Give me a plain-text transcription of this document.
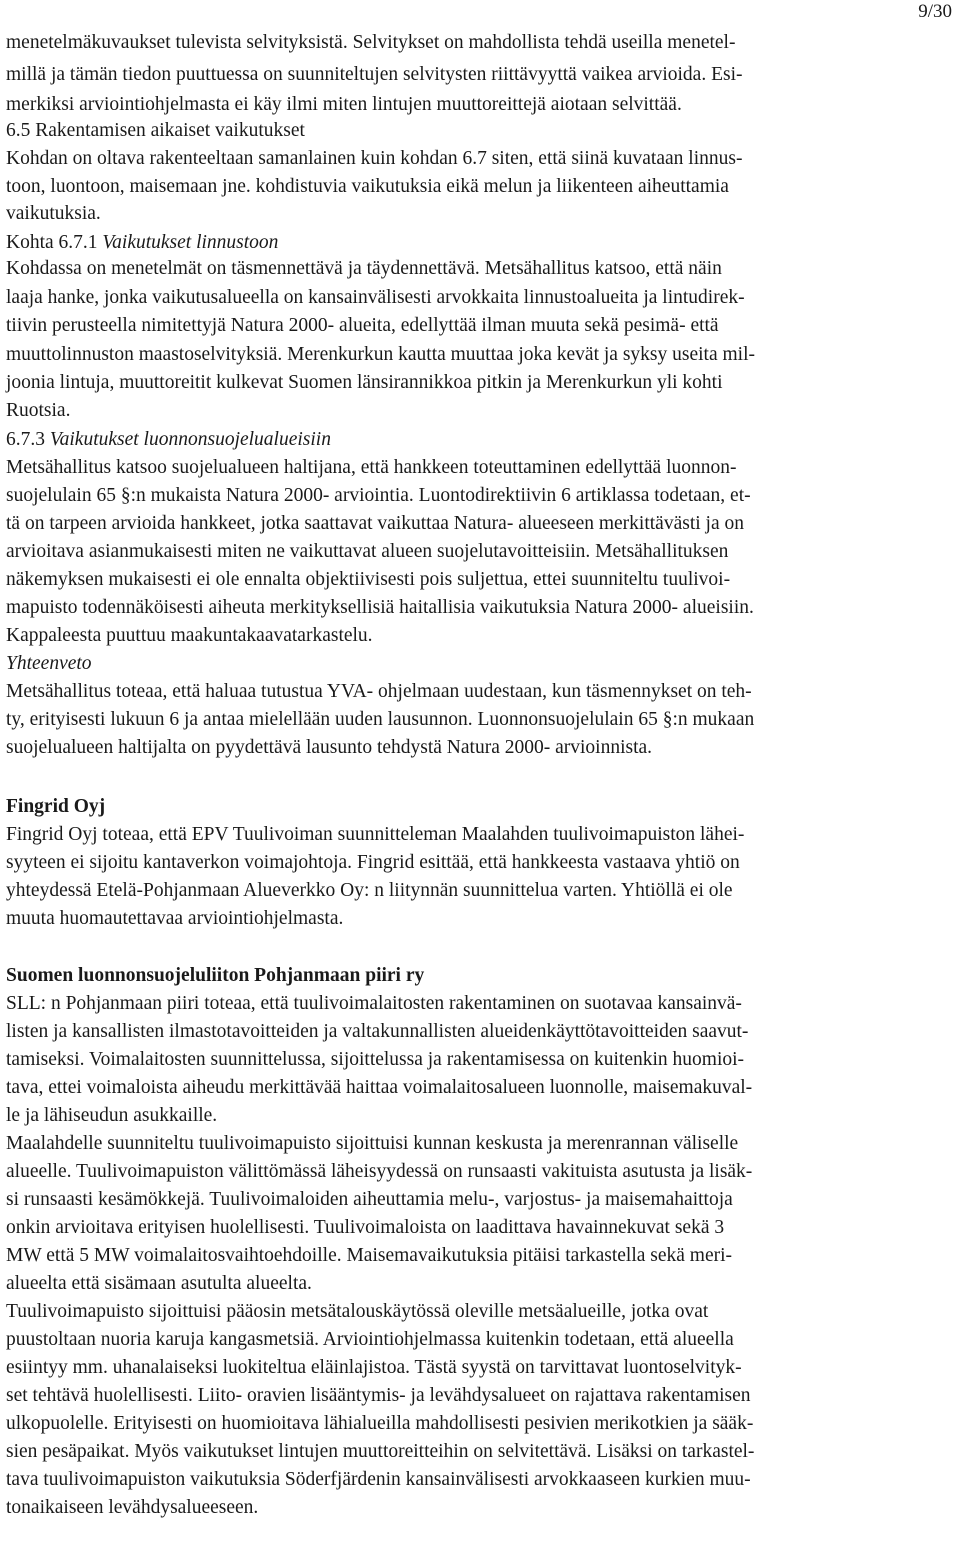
9/30
menetelmäkuvaukset tulevista selvityksistä. Selvitykset on mahdollista tehdä useilla menetel-
millä ja tämän tiedon puuttuessa on suunniteltujen selvitysten riittävyyttä vaikea arvioida. Esi-
merkiksi arviointiohjelmasta ei käy ilmi miten lintujen muuttoreittejä aiotaan selvittää.
6.5 Rakentamisen aikaiset vaikutukset
Kohdan on oltava rakenteeltaan samanlainen kuin kohdan 6.7 siten, että siinä kuvataan linnus-
toon, luontoon, maisemaan jne. kohdistuvia vaikutuksia eikä melun ja liikenteen aiheuttamia
vaikutuksia.
Kohta 6.7.1 Vaikutukset linnustoon
Kohdassa on menetelmät on täsmennettävä ja täydennettävä. Metsähallitus katsoo, että näin
laaja hanke, jonka vaikutusalueella on kansainvälisesti arvokkaita linnustoalueita ja lintudirek-
tiivin perusteella nimitettyjä Natura 2000- alueita, edellyttää ilman muuta sekä pesimä- että
muuttolinnuston maastoselvityksiä. Merenkurkun kautta muuttaa joka kevät ja syksy useita mil-
joonia lintuja, muuttoreitit kulkevat Suomen länsirannikkoa pitkin ja Merenkurkun yli kohti
Ruotsia.
6.7.3 Vaikutukset luonnonsuojelualueisiin
Metsähallitus katsoo suojelualueen haltijana, että hankkeen toteuttaminen edellyttää luonnon-
suojelulain 65 §:n mukaista Natura 2000- arviointia. Luontodirektiivin 6 artiklassa todetaan, et-
tä on tarpeen arvioida hankkeet, jotka saattavat vaikuttaa Natura- alueeseen merkittävästi ja on
arvioitava asianmukaisesti miten ne vaikuttavat alueen suojelutavoitteisiin. Metsähallituksen
näkemyksen mukaisesti ei ole ennalta objektiivisesti pois suljettua, ettei suunniteltu tuulivoi-
mapuisto todennäköisesti aiheuta merkityksellisiä haitallisia vaikutuksia Natura 2000- alueisiin.
Kappaleesta puuttuu maakuntakaavatarkastelu.
Yhteenveto
Metsähallitus toteaa, että haluaa tutustua YVA- ohjelmaan uudestaan, kun täsmennykset on teh-
ty, erityisesti lukuun 6 ja antaa mielellään uuden lausunnon. Luonnonsuojelulain 65 §:n mukaan
suojelualueen haltijalta on pyydettävä lausunto tehdystä Natura 2000- arvioinnista.
Fingrid Oyj
Fingrid Oyj toteaa, että EPV Tuulivoiman suunnitteleman Maalahden tuulivoimapuiston lähei-
syyteen ei sijoitu kantaverkon voimajohtoja. Fingrid esittää, että hankkeesta vastaava yhtiö on
yhteydessä Etelä-Pohjanmaan Alueverkko Oy: n liitynnän suunnittelua varten. Yhtiöllä ei ole
muuta huomautettavaa arviointiohjelmasta.
Suomen luonnonsuojeluliiton Pohjanmaan piiri ry
SLL: n Pohjanmaan piiri toteaa, että tuulivoimalaitosten rakentaminen on suotavaa kansainvä-
listen ja kansallisten ilmastotavoitteiden ja valtakunnallisten alueidenkäyttötavoitteiden saavut-
tamiseksi. Voimalaitosten suunnittelussa, sijoittelussa ja rakentamisessa on kuitenkin huomioi-
tava, ettei voimaloista aiheudu merkittävää haittaa voimalaitosalueen luonnolle, maisemakuval-
le ja lähiseudun asukkaille.
Maalahdelle suunniteltu tuulivoimapuisto sijoittuisi kunnan keskusta ja merenrannan väliselle
alueelle. Tuulivoimapuiston välittömässä läheisyydessä on runsaasti vakituista asutusta ja lisäk-
si runsaasti kesämökkejä. Tuulivoimaloiden aiheuttamia melu-, varjostus- ja maisemahaittoja
onkin arvioitava erityisen huolellisesti. Tuulivoimaloista on laadittava havainnekuvat sekä 3
MW että 5 MW voimalaitosvaihtoehdoille. Maisemavaikutuksia pitäisi tarkastella sekä meri-
alueelta että sisämaan asutulta alueelta.
Tuulivoimapuisto sijoittuisi pääosin metsätalouskäytössä oleville metsäalueille, jotka ovat
puustoltaan nuoria karuja kangasmetsiä. Arviointiohjelmassa kuitenkin todetaan, että alueella
esiintyy mm. uhanalaiseksi luokiteltua eläinlajistoa. Tästä syystä on tarvittavat luontoselvityk-
set tehtävä huolellisesti. Liito- oravien lisääntymis- ja levähdysalueet on rajattava rakentamisen
ulkopuolelle. Erityisesti on huomioitava lähialueilla mahdollisesti pesivien merikotkien ja sääk-
sien pesäpaikat. Myös vaikutukset lintujen muuttoreitteihin on selvitettävä. Lisäksi on tarkastel-
tava tuulivoimapuiston vaikutuksia Söderfjärdenin kansainvälisesti arvokkaaseen kurkien muu-
tonaikaiseen levähdysalueeseen.
